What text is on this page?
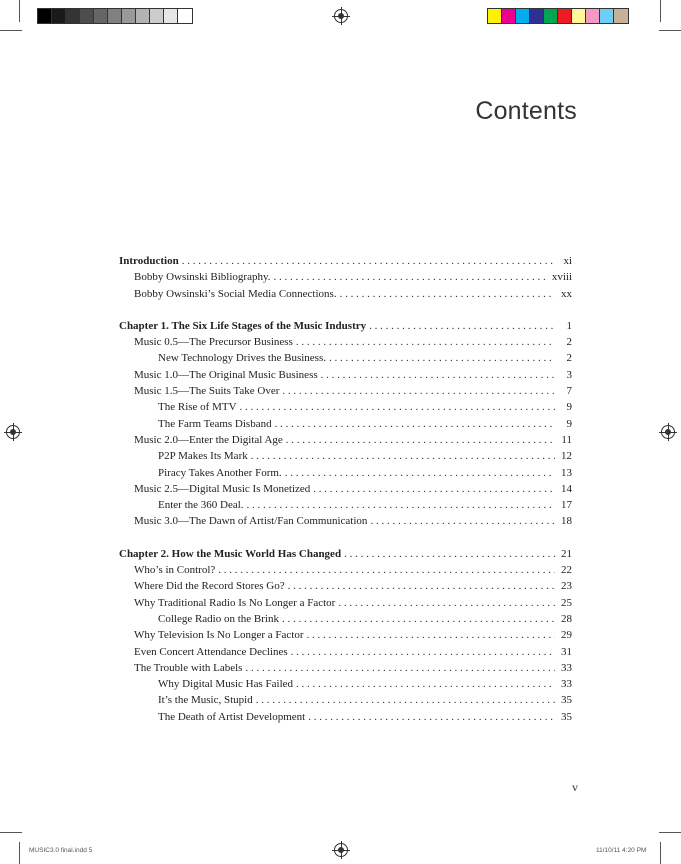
MUSIC3.0 final.indd 5	11/10/11 4:20 PM
Contents
Introduction . . .	xi
Bobby Owsinski Bibliography. . . .	xviii
Bobby Owsinski’s Social Media Connections. . . .	xx
Chapter 1. The Six Life Stages of the Music Industry . . .	1
Music 0.5—The Precursor Business . . .	2
New Technology Drives the Business. . . .	2
Music 1.0—The Original Music Business . . .	3
Music 1.5—The Suits Take Over . . .	7
The Rise of MTV . . .	9
The Farm Teams Disband . . .	9
Music 2.0—Enter the Digital Age . . .	11
P2P Makes Its Mark . . .	12
Piracy Takes Another Form. . . .	13
Music 2.5—Digital Music Is Monetized . . .	14
Enter the 360 Deal. . . .	17
Music 3.0—The Dawn of Artist/Fan Communication . . .	18
Chapter 2. How the Music World Has Changed . . .	21
Who’s in Control? . . .	22
Where Did the Record Stores Go? . . .	23
Why Traditional Radio Is No Longer a Factor . . .	25
College Radio on the Brink . . .	28
Why Television Is No Longer a Factor . . .	29
Even Concert Attendance Declines . . .	31
The Trouble with Labels . . .	33
Why Digital Music Has Failed . . .	33
It’s the Music, Stupid . . .	35
The Death of Artist Development . . .	35
v
